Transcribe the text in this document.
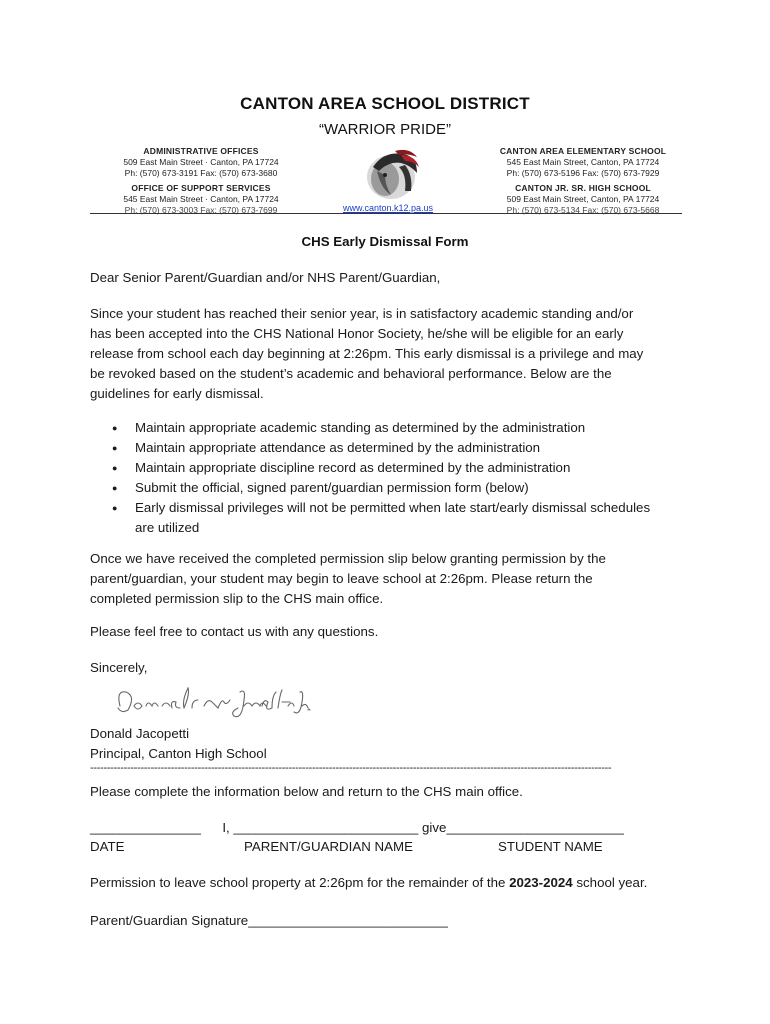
CANTON AREA SCHOOL DISTRICT
“WARRIOR PRIDE”
ADMINISTRATIVE OFFICES
509 East Main Street · Canton, PA 17724
Ph: (570) 673-3191 Fax: (570) 673-3680
OFFICE OF SUPPORT SERVICES
545 East Main Street · Canton, PA 17724
Ph: (570) 673-3003 Fax: (570) 673-7699
CANTON AREA ELEMENTARY SCHOOL
545 East Main Street, Canton, PA 17724
Ph: (570) 673-5196 Fax: (570) 673-7929
CANTON JR. SR. HIGH SCHOOL
509 East Main Street, Canton, PA 17724
Ph: (570) 673-5134 Fax: (570) 673-5668
www.canton.k12.pa.us
CHS Early Dismissal Form
Dear Senior Parent/Guardian and/or NHS Parent/Guardian,
Since your student has reached their senior year, is in satisfactory academic standing and/or
has been accepted into the CHS National Honor Society, he/she will be eligible for an early
release from school each day beginning at 2:26pm. This early dismissal is a privilege and may
be revoked based on the student’s academic and behavioral performance. Below are the
guidelines for early dismissal.
● Maintain appropriate academic standing as determined by the administration
● Maintain appropriate attendance as determined by the administration
● Maintain appropriate discipline record as determined by the administration
● Submit the official, signed parent/guardian permission form (below)
● Early dismissal privileges will not be permitted when late start/early dismissal schedules
are utilized
Once we have received the completed permission slip below granting permission by the
parent/guardian, your student may begin to leave school at 2:26pm. Please return the
completed permission slip to the CHS main office.
Please feel free to contact us with any questions.
Sincerely,
Donald Jacopetti
Principal, Canton High School
-----------------------------------------------------------------------------------------------------------------------------------------------------------
Please complete the information below and return to the CHS main office.
_______________ I, _________________________ give________________________
DATE	PARENT/GUARDIAN NAME	STUDENT NAME
Permission to leave school property at 2:26pm for the remainder of the 2023-2024 school year.
Parent/Guardian Signature___________________________
